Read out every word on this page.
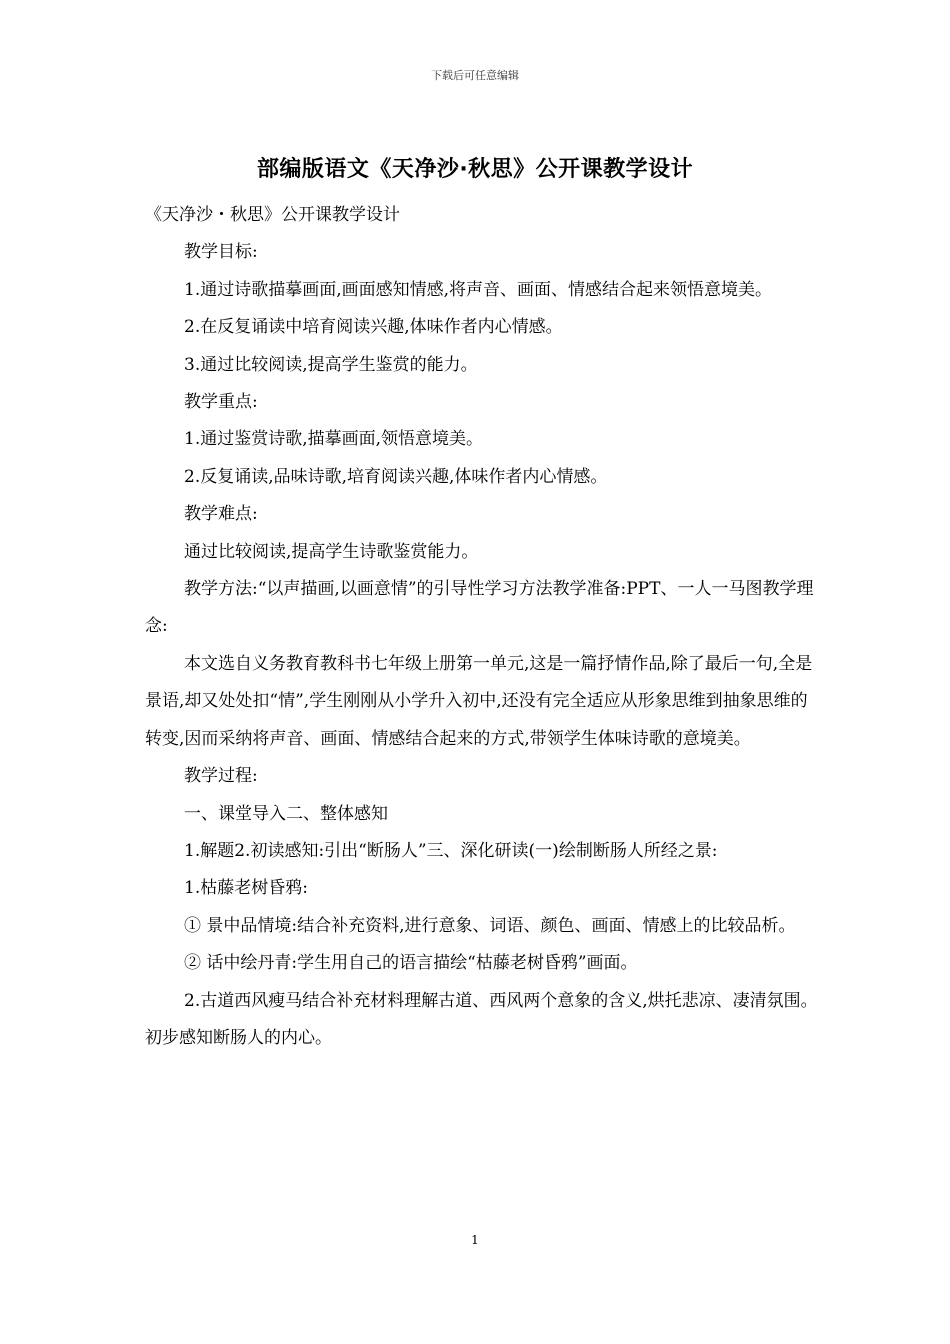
下载后可任意编辑
部编版语文《天净沙·秋思》公开课教学设计

《天净沙・秋思》公开课教学设计

教学目标:

1.通过诗歌描摹画面,画面感知情感,将声音、画面、情感结合起来领悟意境美。

2.在反复诵读中培育阅读兴趣,体味作者内心情感。

3.通过比较阅读,提高学生鉴赏的能力。

教学重点:

1.通过鉴赏诗歌,描摹画面,领悟意境美。

2.反复诵读,品味诗歌,培育阅读兴趣,体味作者内心情感。

教学难点:

通过比较阅读,提高学生诗歌鉴赏能力。

教学方法:“以声描画,以画意情”的引导性学习方法教学准备:PPT、一人一马图教学理念:

本文选自义务教育教科书七年级上册第一单元,这是一篇抒情作品,除了最后一句,全是景语,却又处处扣“情”,学生刚刚从小学升入初中,还没有完全适应从形象思维到抽象思维的转变,因而采纳将声音、画面、情感结合起来的方式,带领学生体味诗歌的意境美。

教学过程:

一、课堂导入二、整体感知

1.解题2.初读感知:引出“断肠人”三、深化研读(一)绘制断肠人所经之景:

1.枯藤老树昏鸦:

① 景中品情境:结合补充资料,进行意象、词语、颜色、画面、情感上的比较品析。

② 话中绘丹青:学生用自己的语言描绘“枯藤老树昏鸦”画面。

2.古道西风瘦马结合补充材料理解古道、西风两个意象的含义,烘托悲凉、凄清氛围。初步感知断肠人的内心。

1
